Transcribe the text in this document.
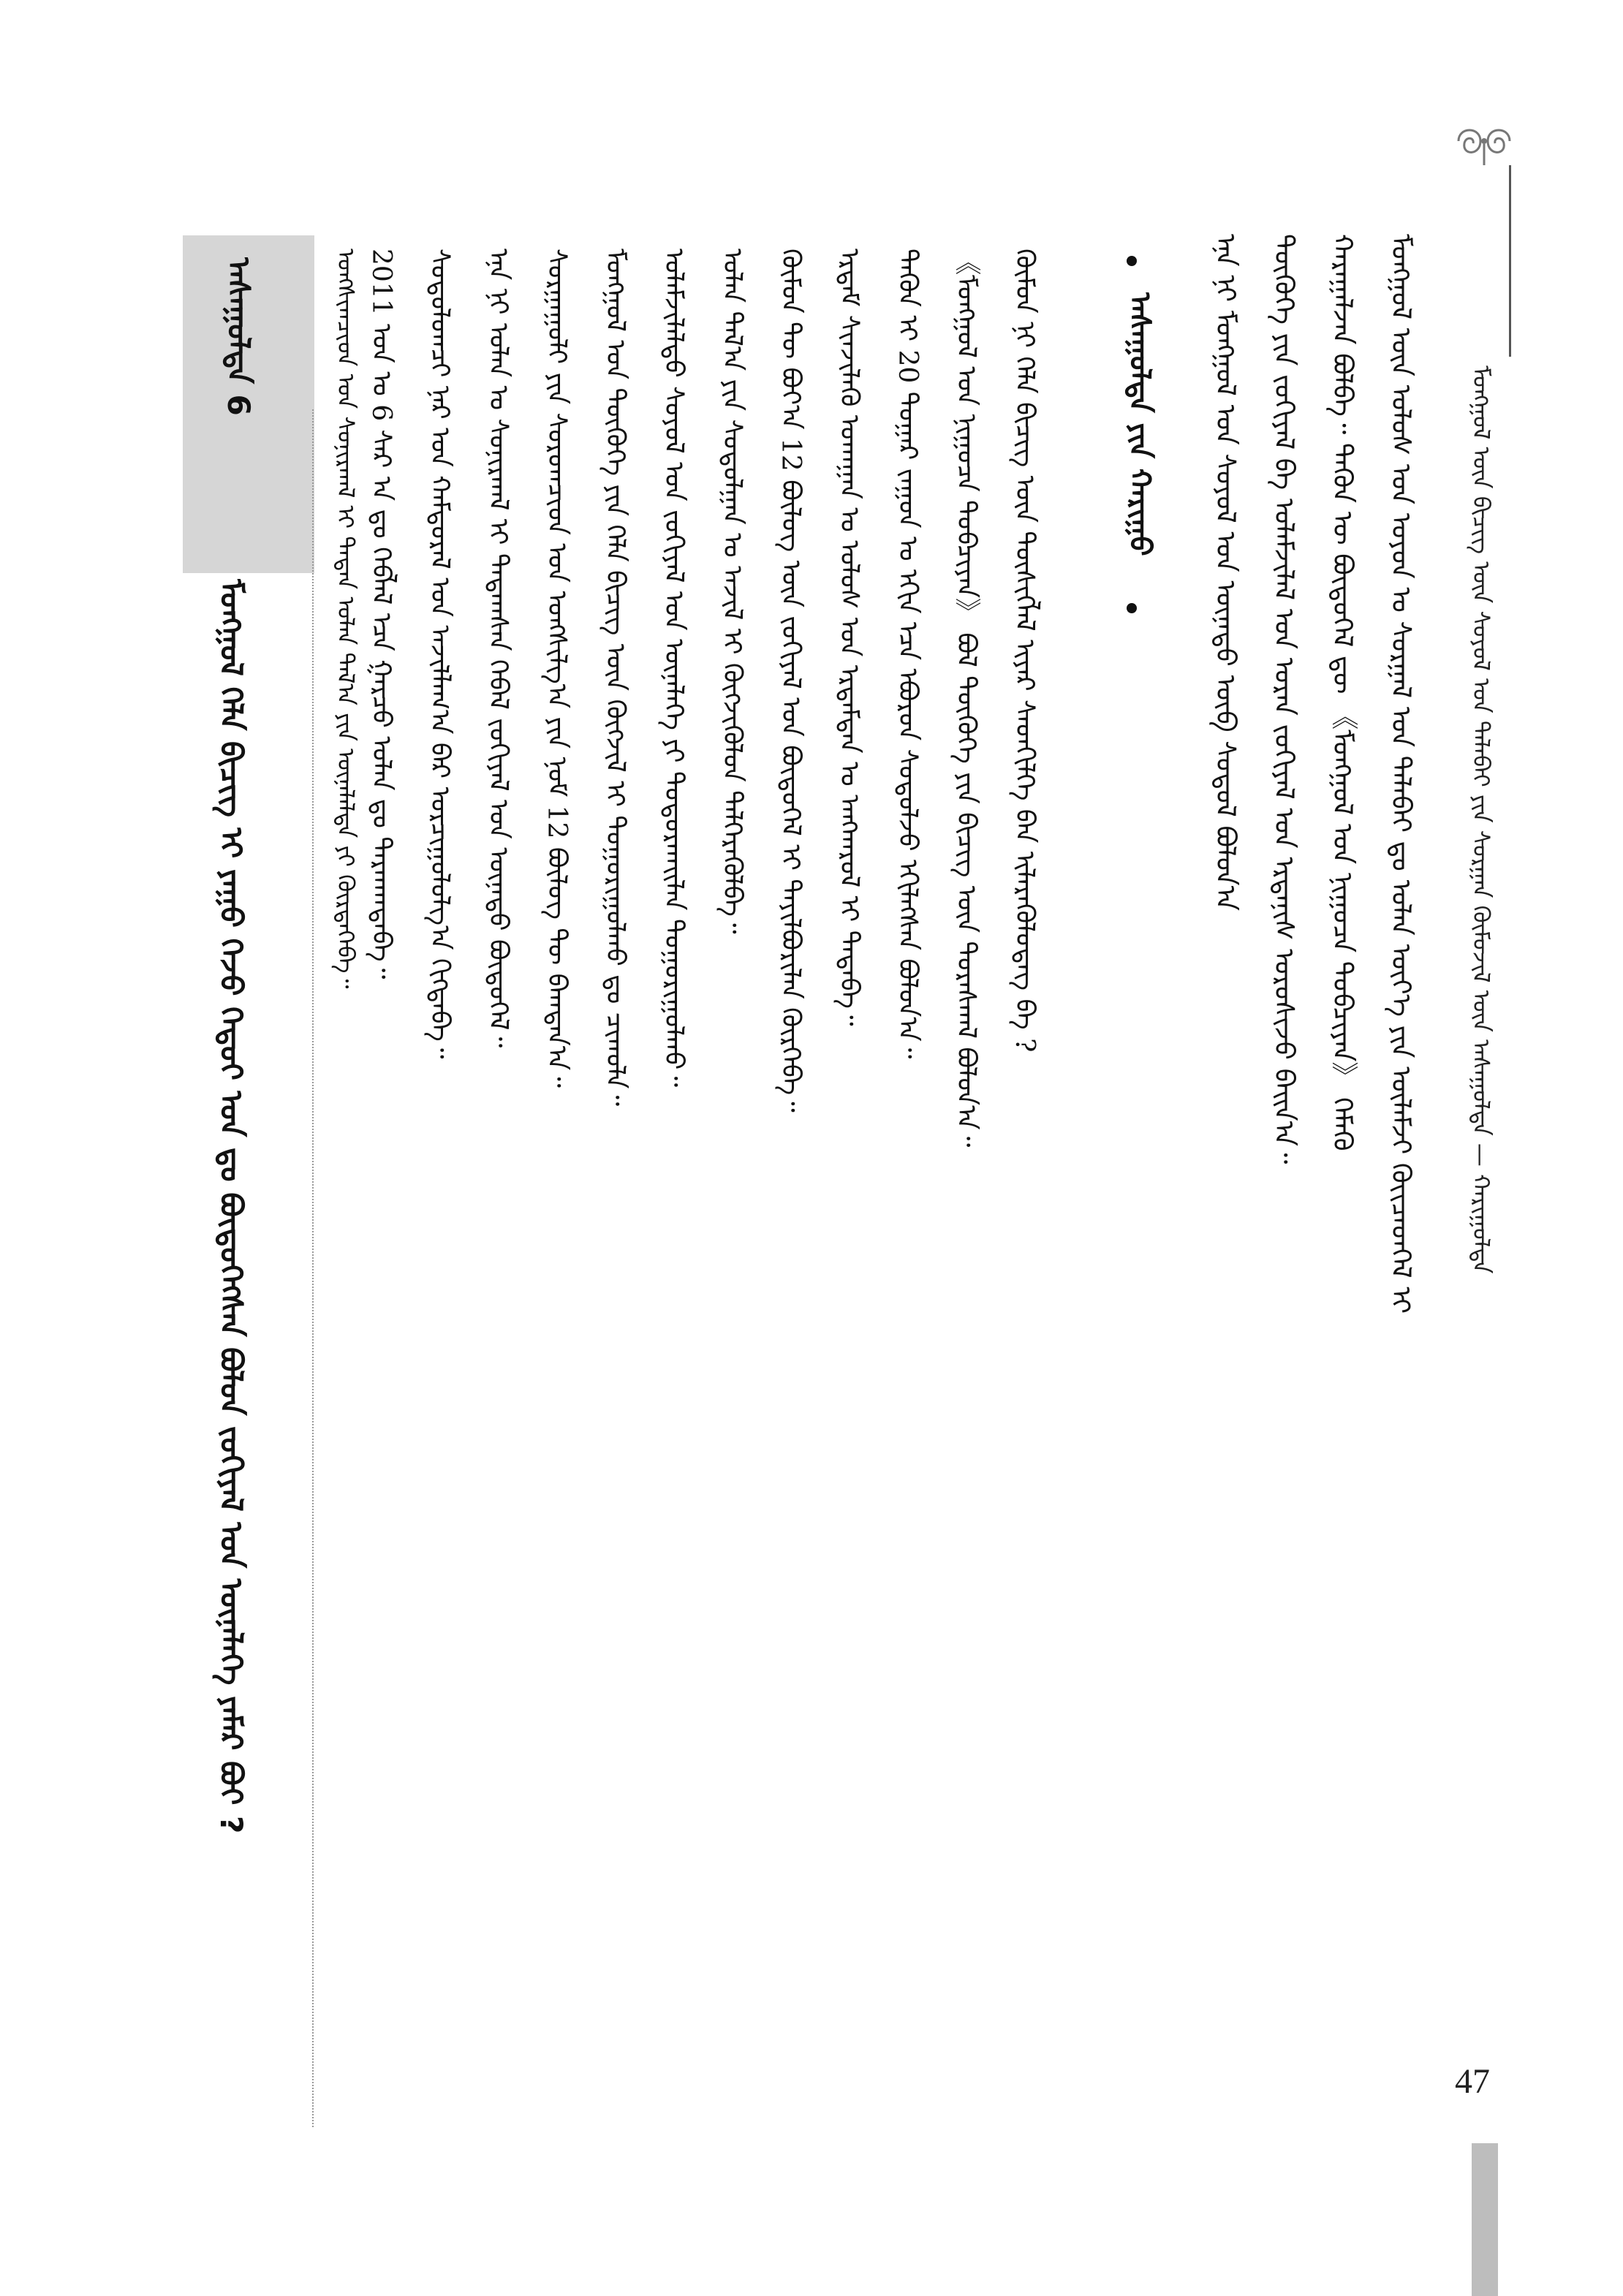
ᠮᠣᠩᠭᠣᠯ ᠦᠨ ᠪᠢᠴᠢᠭ ᠦᠨ ᠰᠣᠶᠣᠯ ᠤᠨ ᠲᠠᠯᠠᠪᠠᠢ ᠶᠢᠨ ᠰᠤᠷᠭᠠᠨ ᠬᠦᠮᠦᠵᠢᠯ ᠦᠨ ᠠᠰᠠᠭᠤᠯᠲᠠ — ᠬᠠᠷᠢᠭᠤᠯᠲᠠ
ᠮᠣᠩᠭᠣᠯ ᠦᠨ ᠤᠯᠤᠰ ᠤᠨ ᠣᠶᠤᠨ ᠤ ᠰᠤᠷᠭᠠᠯ ᠤᠨ ᠲᠠᠯᠠᠪᠠᠢ ᠳᠤ ᠣᠯᠠᠨ ᠦᠶ᠎ᠡ ᠶᠢᠨ ᠦᠯᠡᠮᠵᠢ ᠭᠦᠢᠴᠡᠳᠭᠡᠯ ᠢ
ᠬᠠᠷᠠᠭᠠᠯᠵᠠᠨ ᠪᠣᠯᠪᠠ᠃ ᠲᠡᠭᠦᠨ ᠦ ᠪᠦᠲᠦᠭᠡᠯ ᠳᠦ 《ᠮᠣᠩᠭᠣᠯ ᠤᠨ ᠨᠢᠭᠤᠴᠠ ᠲᠣᠪᠴᠢᠶᠠᠨ》 ᠬᠡᠮᠡᠬᠦ
ᠲᠦᠭᠦᠬᠡ ᠶᠢᠨ ᠵᠣᠬᠢᠶᠠᠯ ᠪᠠ ᠤᠯᠠᠮᠵᠢᠯᠠᠯ ᠤᠨ ᠤᠷᠠᠨ ᠵᠣᠬᠢᠶᠠᠯ ᠤᠨ ᠡᠷᠳᠡᠨᠢᠰ ᠣᠷᠣᠰᠢᠵᠤ ᠪᠠᠢᠨ᠎ᠠ᠃
ᠡᠨᠡ ᠨᠢ ᠮᠣᠩᠭᠣᠯ ᠤᠨ ᠰᠣᠶᠣᠯ ᠤᠨ ᠦᠨᠡᠲᠦ ᠥᠪ ᠰᠤᠳᠤᠯ ᠪᠣᠯᠤᠨ᠎ᠠ
ᠠᠰᠠᠭᠤᠯᠲᠠ ᠶᠢᠨ ᠬᠠᠷᠢᠭᠤ
ᠬᠦᠮᠦᠨ ᠨᠢ ᠬᠡᠯᠡ ᠪᠢᠴᠢᠭ ᠦᠨ ᠲᠦᠰᠢᠭᠯᠡᠯ ᠢᠶᠡᠷ ᠰᠡᠳᠬᠢᠯᠭᠡ ᠪᠡᠨ ᠢᠯᠡᠷᠡᠭᠦᠯᠦᠳᠡᠭ ᠪᠠ ?
《ᠮᠣᠩᠭᠣᠯ ᠤᠨ ᠨᠢᠭᠤᠴᠠ ᠲᠣᠪᠴᠢᠶᠠᠨ》 ᠪᠣᠯ ᠲᠦᠭᠦᠬᠡ ᠶᠢᠨ ᠪᠢᠴᠢᠭ ᠦᠨ ᠳᠤᠷᠠᠰᠬᠠᠯ ᠪᠣᠯᠤᠨ᠎ᠠ᠃
ᠲᠡᠭᠦᠨ ᠢ 20 ᠳᠤᠭᠠᠷ ᠵᠠᠭᠤᠨ ᠤ ᠡᠬᠢᠨ ᠡᠴᠡ ᠡᠪᠦᠷᠦᠨ ᠰᠤᠳᠤᠯᠵᠤ ᠡᠬᠢᠯᠡᠭᠰᠡᠨ ᠪᠣᠯᠤᠨ᠎ᠠ᠃
ᠡᠷᠳᠡᠮ ᠰᠢᠨᠵᠢᠯᠡᠬᠦ ᠤᠬᠠᠭᠠᠨ ᠤ ᠤᠯᠤᠰ ᠤᠨ ᠡᠷᠳᠡᠮᠲᠡᠨ ᠤ ᠠᠩᠬᠠᠷᠤᠯ ᠢ ᠲᠠᠲᠠᠪᠠ᠃
ᠬᠦᠮᠦᠨ ᠲᠦ ᠪᠤᠶ᠎ᠠ 12 ᠪᠦᠯᠦᠭ ᠦᠨ ᠵᠣᠬᠢᠶᠠᠯ ᠤᠨ ᠪᠦᠲᠦᠭᠡᠯ ᠢ ᠲᠠᠶᠢᠯᠪᠤᠷᠢᠯᠠᠨ ᠬᠦᠷᠭᠡᠪᠡ᠃
ᠣᠯᠠᠨ ᠲᠠᠯ᠎ᠠ ᠶᠢᠨ ᠰᠤᠳᠤᠯᠭᠠᠨ ᠤ ᠠᠵᠢᠯ ᠢ ᠬᠥᠭᠵᠢᠭᠦᠯᠦᠨ ᠳᠡᠯᠭᠡᠷᠡᠭᠦᠯᠪᠡ᠃
ᠤᠯᠠᠮᠵᠢᠯᠠᠯᠲᠤ ᠰᠣᠶᠣᠯ ᠤᠨ ᠵᠣᠬᠢᠶᠠᠯ ᠤᠨ ᠦᠨᠡᠯᠡᠭᠡ ᠶᠢ ᠲᠣᠳᠣᠷᠬᠠᠢᠯᠠᠨ ᠲᠣᠭᠣᠷᠢᠭᠤᠯᠬᠤ᠃
ᠮᠣᠩᠭᠣᠯ ᠤᠨ ᠲᠦᠭᠦᠬᠡ ᠶᠢᠨ ᠬᠡᠯᠡ ᠪᠢᠴᠢᠭ ᠦᠨ ᠬᠥᠭᠵᠢᠯ ᠢ ᠲᠣᠭᠣᠷᠢᠭᠤᠯᠬᠤ ᠳᠤ ᠴᠢᠬᠤᠯᠠ᠃
ᠰᠤᠷᠭᠠᠭᠤᠯᠢ ᠶᠢᠨ ᠰᠤᠷᠤᠭᠴᠢᠳ ᠤᠨ ᠤᠩᠰᠢᠯᠭ᠎ᠠ ᠶᠢᠨ ᠨᠣᠮ 12 ᠪᠦᠯᠦᠭ ᠲᠦ ᠪᠠᠭᠲᠠᠨ᠎ᠠ᠃
ᠡᠨᠡ ᠨᠢ ᠣᠯᠠᠨ ᠤ ᠰᠣᠨᠢᠷᠬᠠᠯ ᠢ ᠲᠠᠲᠠᠭᠰᠠᠨ ᠬᠡᠪᠡᠯ ᠵᠣᠬᠢᠶᠠᠯ ᠤᠨ ᠦᠨᠡᠲᠦ ᠪᠦᠲᠦᠭᠡᠯ᠃
ᠰᠤᠳᠤᠯᠤᠭᠴᠢ ᠨᠠᠷ ᠤᠨ ᠬᠠᠮᠲᠤᠷᠠᠯ ᠤᠨ ᠠᠵᠢᠯᠯᠠᠭ᠎ᠠ ᠪᠠᠷ ᠣᠷᠴᠢᠭᠤᠯᠤᠯᠭ᠎ᠠ ᠬᠢᠭᠳᠡᠪᠡ᠃
2011 ᠣᠨ ᠤ 6 ᠰᠠᠷ ᠠ ᠳᠤ ᠬᠡᠪᠯᠡᠯ ᠡᠴᠡ ᠭᠠᠷᠴᠤ ᠣᠯᠠᠨ ᠳᠤ ᠲᠠᠷᠬᠠᠭᠳᠠᠪᠠ᠃
ᠤᠩᠰᠢᠭᠴᠢᠳ ᠤᠨ ᠰᠣᠨᠢᠷᠬᠠᠯ ᠢ ᠲᠠᠲᠠᠨ ᠣᠯᠠᠨ ᠲᠠᠯ᠎ᠠ ᠶᠢᠨ ᠦᠨᠡᠯᠡᠯᠲᠡ ᠶᠢ ᠬᠦᠷᠲᠡᠭᠡᠪᠡ᠃
ᠠᠰᠠᠭᠤᠯᠲᠠ 6
ᠮᠣᠩᠭᠣᠯ ᠬᠡᠯᠡ ᠪᠢᠴᠢᠭ ᠢ ᠶᠠᠭᠤ ᠭᠡᠵᠦ ᠬᠡᠳᠦᠢ ᠣᠨ ᠳᠤ ᠪᠦᠲᠦᠭᠡᠭᠰᠡᠨ ᠪᠣᠯᠤᠨ ᠵᠣᠬᠢᠶᠠᠯ ᠤᠨ ᠦᠨᠡᠯᠡᠭᠡ ᠶᠠᠮᠠᠷ ᠪᠤᠢ ?
47
